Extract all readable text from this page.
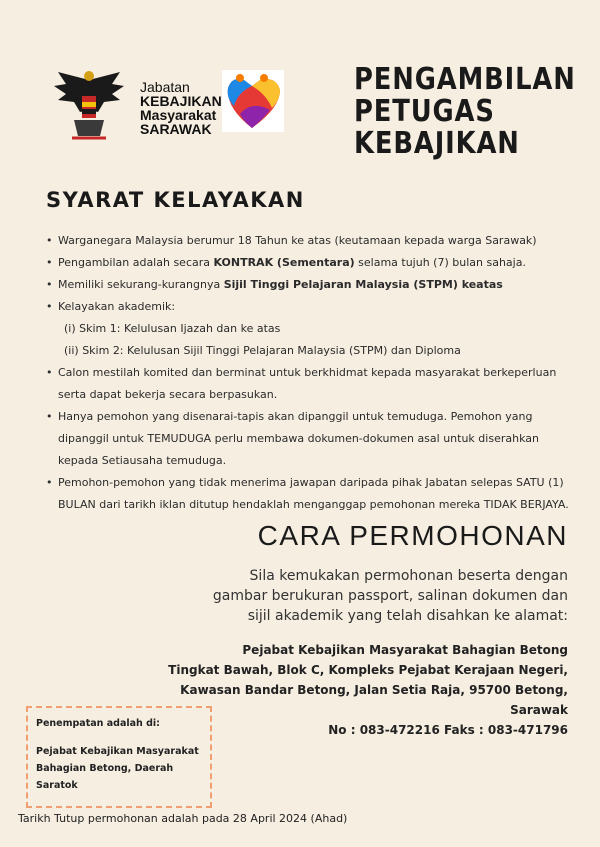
Jabatan
KEBAJIKAN
Masyarakat
SARAWAK
PENGAMBILAN
PETUGAS
KEBAJIKAN
SYARAT KELAYAKAN
• Warganegara Malaysia berumur 18 Tahun ke atas (keutamaan kepada warga Sarawak)
• Pengambilan adalah secara KONTRAK (Sementara) selama tujuh (7) bulan sahaja.
• Memiliki sekurang-kurangnya Sijil Tinggi Pelajaran Malaysia (STPM) keatas
• Kelayakan akademik:
(i) Skim 1: Kelulusan Ijazah dan ke atas
(ii) Skim 2: Kelulusan Sijil Tinggi Pelajaran Malaysia (STPM) dan Diploma
• Calon mestilah komited dan berminat untuk berkhidmat kepada masyarakat berkeperluan
serta dapat bekerja secara berpasukan.
• Hanya pemohon yang disenarai-tapis akan dipanggil untuk temuduga. Pemohon yang
dipanggil untuk TEMUDUGA perlu membawa dokumen-dokumen asal untuk diserahkan
kepada Setiausaha temuduga.
• Pemohon-pemohon yang tidak menerima jawapan daripada pihak Jabatan selepas SATU (1)
BULAN dari tarikh iklan ditutup hendaklah menganggap pemohonan mereka TIDAK BERJAYA.
CARA PERMOHONAN
Sila kemukakan permohonan beserta dengan
gambar berukuran passport, salinan dokumen dan
sijil akademik yang telah disahkan ke alamat:
Pejabat Kebajikan Masyarakat Bahagian Betong
Tingkat Bawah, Blok C, Kompleks Pejabat Kerajaan Negeri,
Kawasan Bandar Betong, Jalan Setia Raja, 95700 Betong,
Sarawak
No : 083-472216 Faks : 083-471796
Penempatan adalah di:
Pejabat Kebajikan Masyarakat
Bahagian Betong, Daerah Saratok
Tarikh Tutup permohonan adalah pada 28 April 2024 (Ahad)
